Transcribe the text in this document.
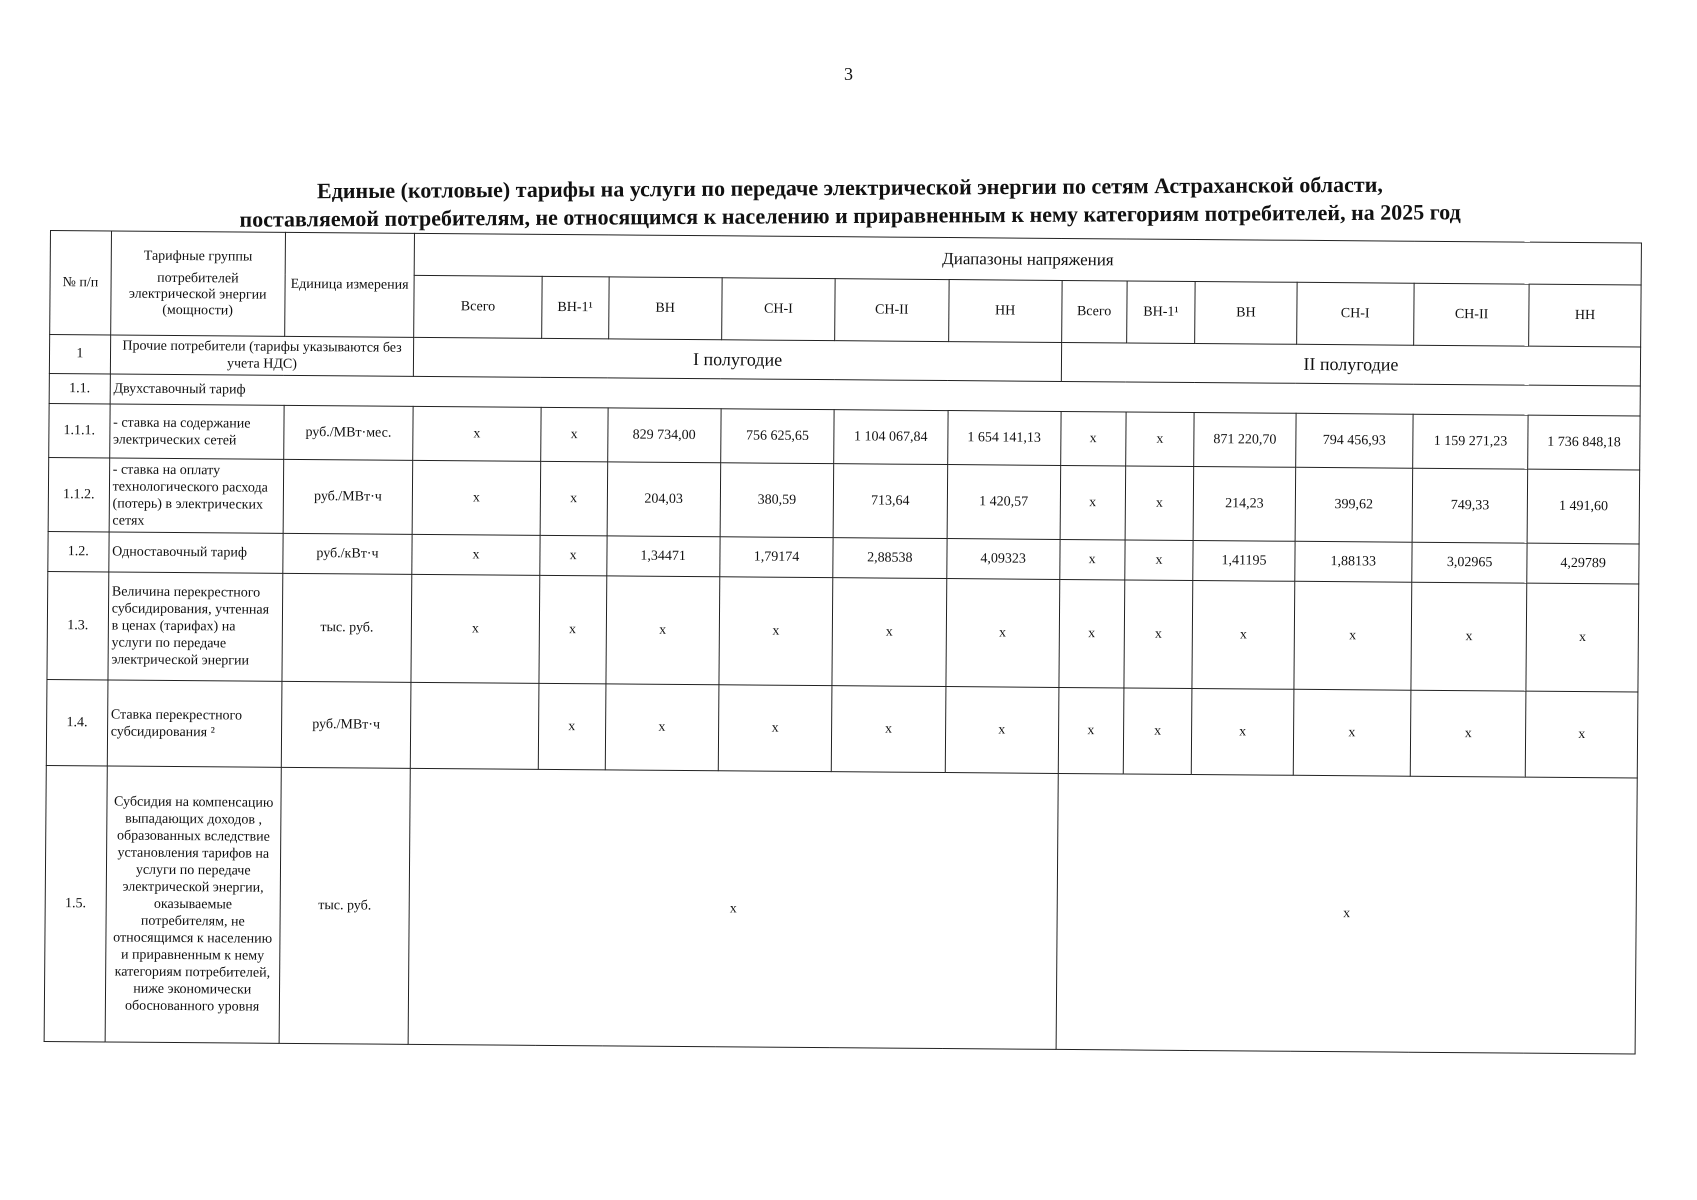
3
Единые (котловые) тарифы на услуги по передаче электрической энергии по сетям Астраханской области,
поставляемой потребителям, не относящимся к населению и приравненным к нему категориям потребителей, на 2025 год
№ п/п	Тарифные группы
потребителей электрической энергии (мощности)	Единица измерения	Диапазоны напряжения											
			Всего	ВН-1¹	ВН	СН-I	СН-II	НН	Всего	ВН-1¹	ВН	СН-I	СН-II	НН
1	Прочие потребители (тарифы указываются без учета НДС)		I полугодие						II полугодие					
1.1.	Двухставочный тариф													
1.1.1.	- ставка на содержание электрических сетей	руб./МВт·мес.	x	x	829 734,00	756 625,65	1 104 067,84	1 654 141,13	x	x	871 220,70	794 456,93	1 159 271,23	1 736 848,18
1.1.2.	- ставка на оплату технологического расхода (потерь) в электрических сетях	руб./МВт·ч	x	x	204,03	380,59	713,64	1 420,57	x	x	214,23	399,62	749,33	1 491,60
1.2.	Одноставочный тариф	руб./кВт·ч	x	x	1,34471	1,79174	2,88538	4,09323	x	x	1,41195	1,88133	3,02965	4,29789
1.3.	Величина перекрестного субсидирования, учтенная в ценах (тарифах) на услуги по передаче электрической энергии	тыс. руб.	x	x	x	x	x	x	x	x	x	x	x	x
1.4.	Ставка перекрестного субсидирования ²	руб./МВт·ч		x	x	x	x	x	x	x	x	x	x	x
1.5.	Субсидия на компенсацию выпадающих доходов , образованных вследствие установления тарифов на услуги по передаче электрической энергии, оказываемые потребителям, не относящимся к населению и приравненным к нему категориям потребителей, ниже экономически обоснованного уровня	тыс. руб.	x						x					
